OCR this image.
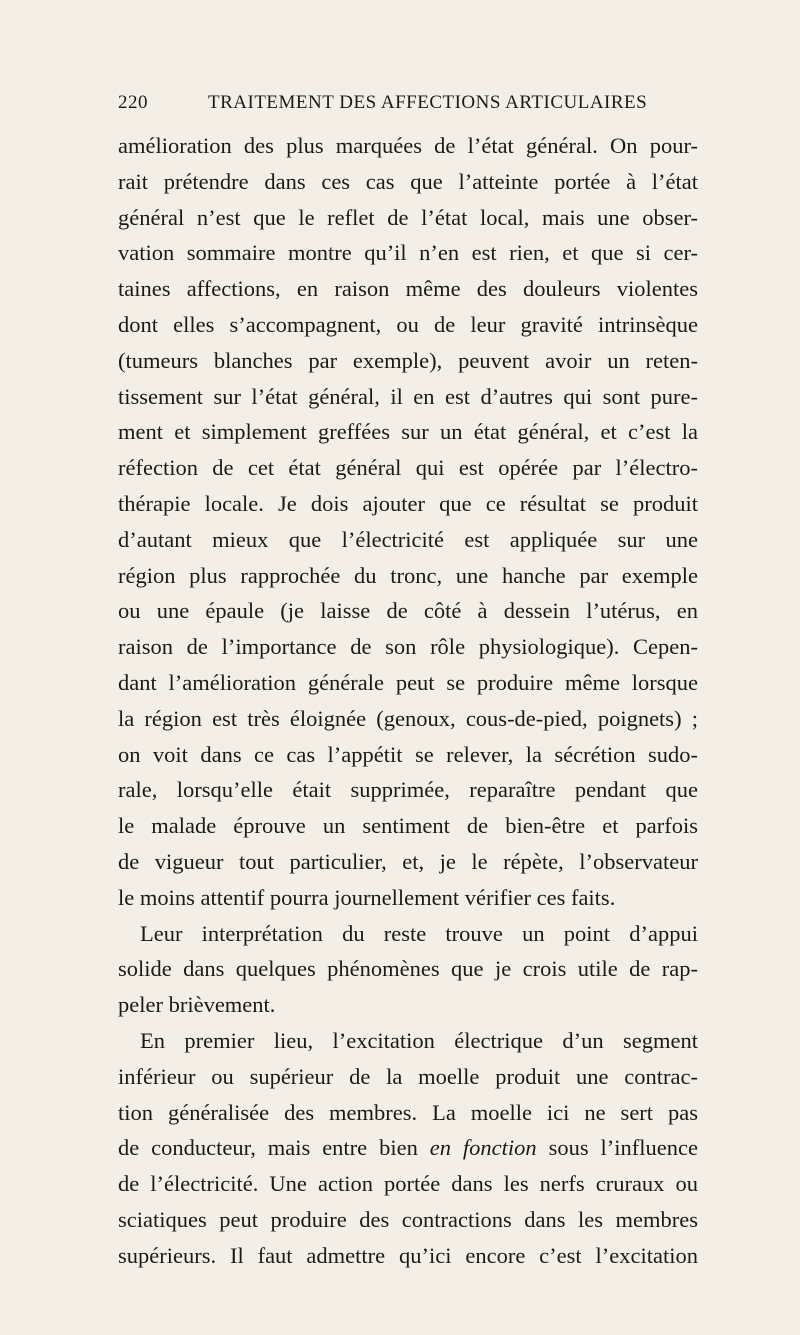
220	TRAITEMENT DES AFFECTIONS ARTICULAIRES
amélioration des plus marquées de l’état général. On pour-
rait prétendre dans ces cas que l’atteinte portée à l’état
général n’est que le reflet de l’état local, mais une obser-
vation sommaire montre qu’il n’en est rien, et que si cer-
taines affections, en raison même des douleurs violentes
dont elles s’accompagnent, ou de leur gravité intrinsèque
(tumeurs blanches par exemple), peuvent avoir un reten-
tissement sur l’état général, il en est d’autres qui sont pure-
ment et simplement greffées sur un état général, et c’est la
réfection de cet état général qui est opérée par l’électro-
thérapie locale. Je dois ajouter que ce résultat se produit
d’autant mieux que l’électricité est appliquée sur une
région plus rapprochée du tronc, une hanche par exemple
ou une épaule (je laisse de côté à dessein l’utérus, en
raison de l’importance de son rôle physiologique). Cepen-
dant l’amélioration générale peut se produire même lorsque
la région est très éloignée (genoux, cous-de-pied, poignets) ;
on voit dans ce cas l’appétit se relever, la sécrétion sudo-
rale, lorsqu’elle était supprimée, reparaître pendant que
le malade éprouve un sentiment de bien-être et parfois
de vigueur tout particulier, et, je le répète, l’observateur
le moins attentif pourra journellement vérifier ces faits.
Leur interprétation du reste trouve un point d’appui
solide dans quelques phénomènes que je crois utile de rap-
peler brièvement.
En premier lieu, l’excitation électrique d’un segment
inférieur ou supérieur de la moelle produit une contrac-
tion généralisée des membres. La moelle ici ne sert pas
de conducteur, mais entre bien en fonction sous l’influence
de l’électricité. Une action portée dans les nerfs cruraux ou
sciatiques peut produire des contractions dans les membres
supérieurs. Il faut admettre qu’ici encore c’est l’excitation
